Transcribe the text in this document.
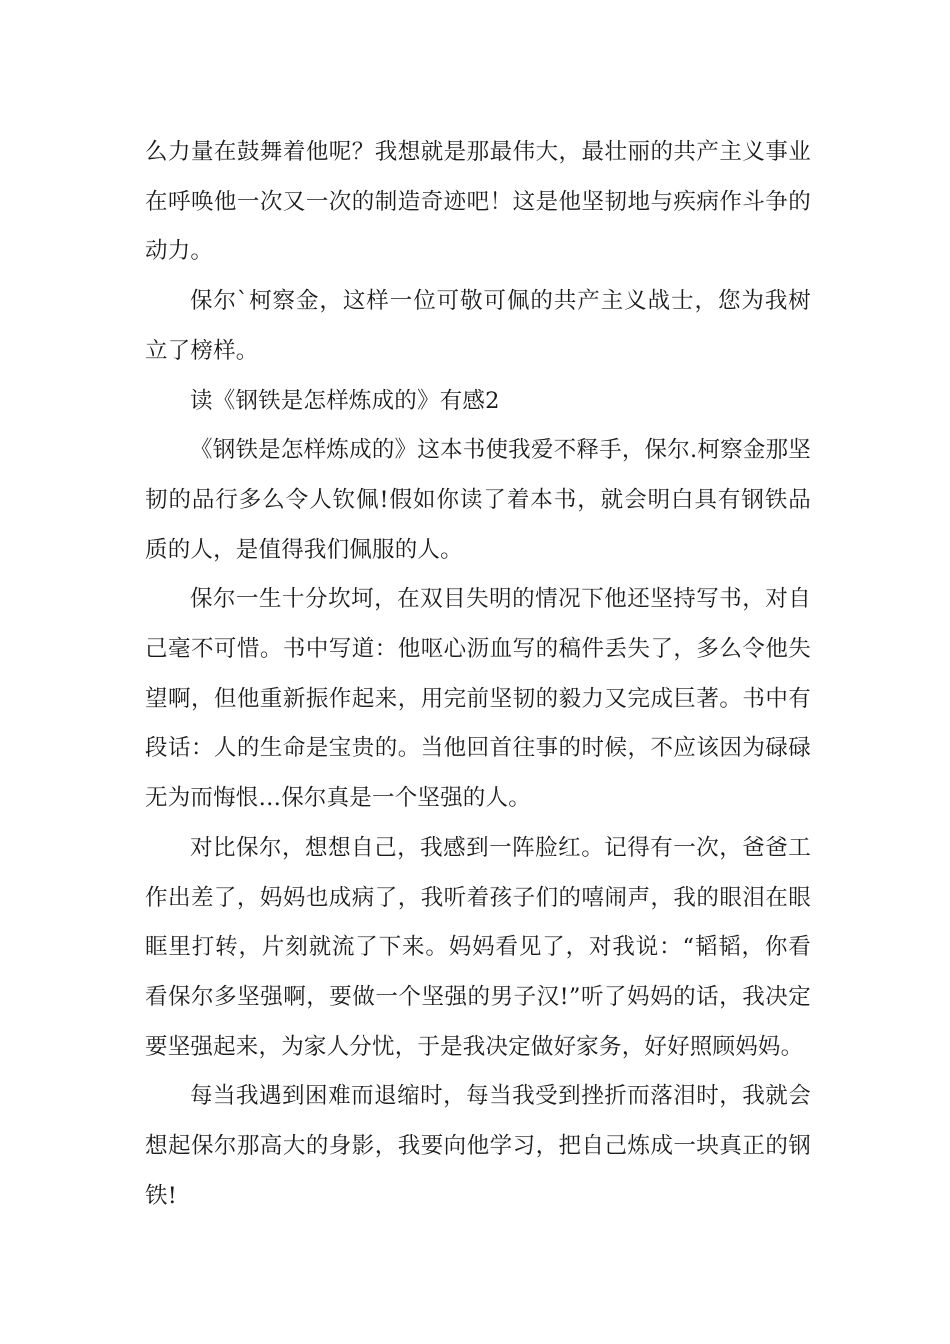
么力量在鼓舞着他呢？我想就是那最伟大，最壮丽的共产主义事业在呼唤他一次又一次的制造奇迹吧！这是他坚韧地与疾病作斗争的动力。

保尔`柯察金，这样一位可敬可佩的共产主义战士，您为我树立了榜样。

读《钢铁是怎样炼成的》有感2

《钢铁是怎样炼成的》这本书使我爱不释手，保尔.柯察金那坚韧的品行多么令人钦佩!假如你读了着本书，就会明白具有钢铁品质的人，是值得我们佩服的人。

保尔一生十分坎坷，在双目失明的情况下他还坚持写书，对自己毫不可惜。书中写道：他呕心沥血写的稿件丢失了，多么令他失望啊，但他重新振作起来，用完前坚韧的毅力又完成巨著。书中有段话：人的生命是宝贵的。当他回首往事的时候，不应该因为碌碌无为而悔恨…保尔真是一个坚强的人。

对比保尔，想想自己，我感到一阵脸红。记得有一次，爸爸工作出差了，妈妈也成病了，我听着孩子们的嘻闹声，我的眼泪在眼眶里打转，片刻就流了下来。妈妈看见了，对我说：“韬韬，你看看保尔多坚强啊，要做一个坚强的男子汉!”听了妈妈的话，我决定要坚强起来，为家人分忧，于是我决定做好家务，好好照顾妈妈。

每当我遇到困难而退缩时，每当我受到挫折而落泪时，我就会想起保尔那高大的身影，我要向他学习，把自己炼成一块真正的钢铁!
